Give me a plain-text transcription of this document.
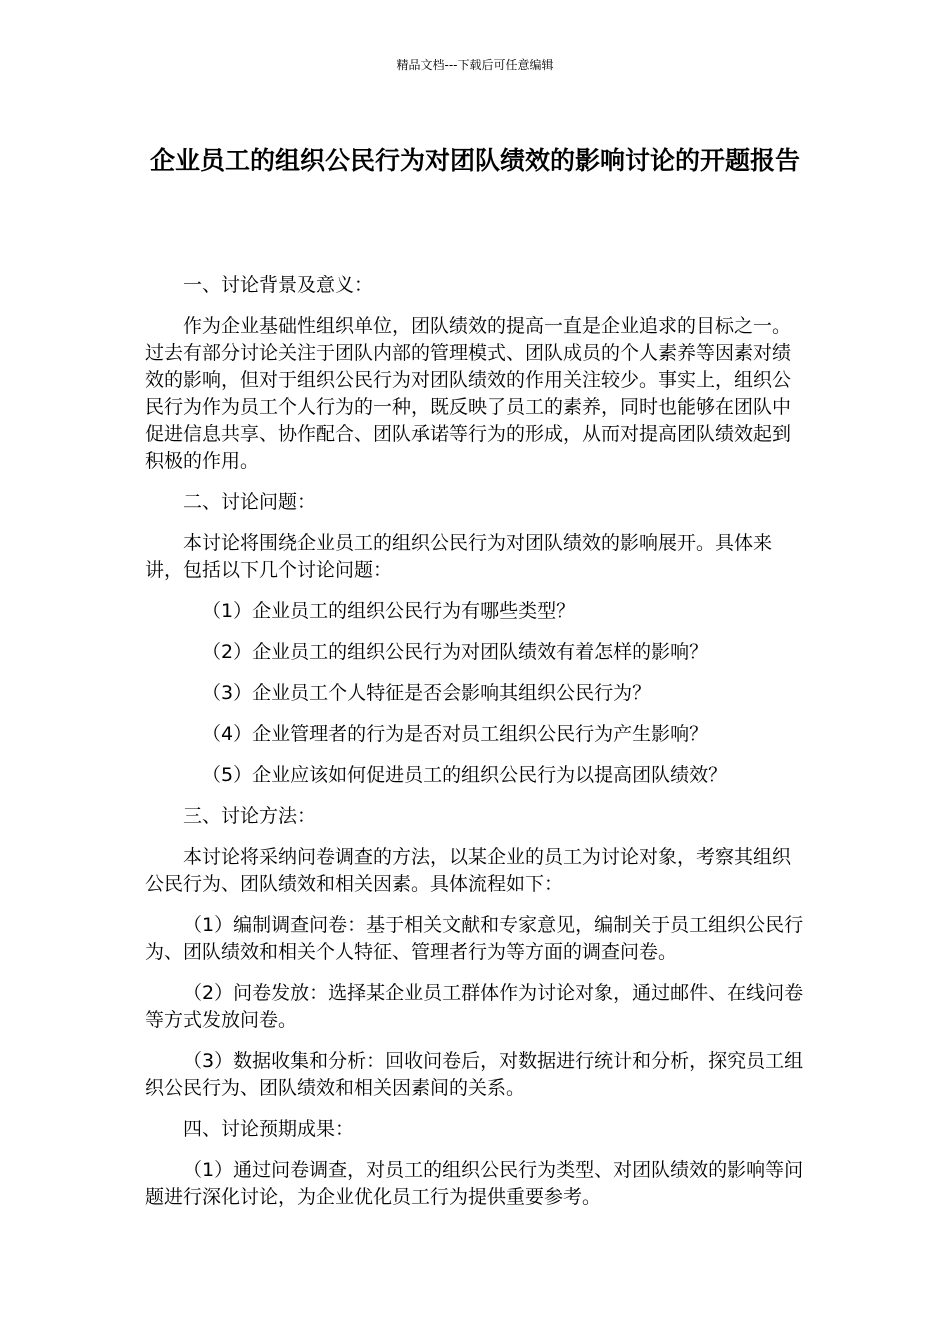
精品文档---下载后可任意编辑
企业员工的组织公民行为对团队绩效的影响讨论的开题报告

一、讨论背景及意义：

作为企业基础性组织单位，团队绩效的提高一直是企业追求的目标之一。过去有部分讨论关注于团队内部的管理模式、团队成员的个人素养等因素对绩效的影响，但对于组织公民行为对团队绩效的作用关注较少。事实上，组织公民行为作为员工个人行为的一种，既反映了员工的素养，同时也能够在团队中促进信息共享、协作配合、团队承诺等行为的形成，从而对提高团队绩效起到积极的作用。

二、讨论问题：

本讨论将围绕企业员工的组织公民行为对团队绩效的影响展开。具体来讲，包括以下几个讨论问题：

（1）企业员工的组织公民行为有哪些类型？

（2）企业员工的组织公民行为对团队绩效有着怎样的影响？

（3）企业员工个人特征是否会影响其组织公民行为？

（4）企业管理者的行为是否对员工组织公民行为产生影响？

（5）企业应该如何促进员工的组织公民行为以提高团队绩效？

三、讨论方法：

本讨论将采纳问卷调查的方法，以某企业的员工为讨论对象，考察其组织公民行为、团队绩效和相关因素。具体流程如下：

（1）编制调查问卷：基于相关文献和专家意见，编制关于员工组织公民行为、团队绩效和相关个人特征、管理者行为等方面的调查问卷。

（2）问卷发放：选择某企业员工群体作为讨论对象，通过邮件、在线问卷等方式发放问卷。

（3）数据收集和分析：回收问卷后，对数据进行统计和分析，探究员工组织公民行为、团队绩效和相关因素间的关系。

四、讨论预期成果：

（1）通过问卷调查，对员工的组织公民行为类型、对团队绩效的影响等问题进行深化讨论，为企业优化员工行为提供重要参考。
